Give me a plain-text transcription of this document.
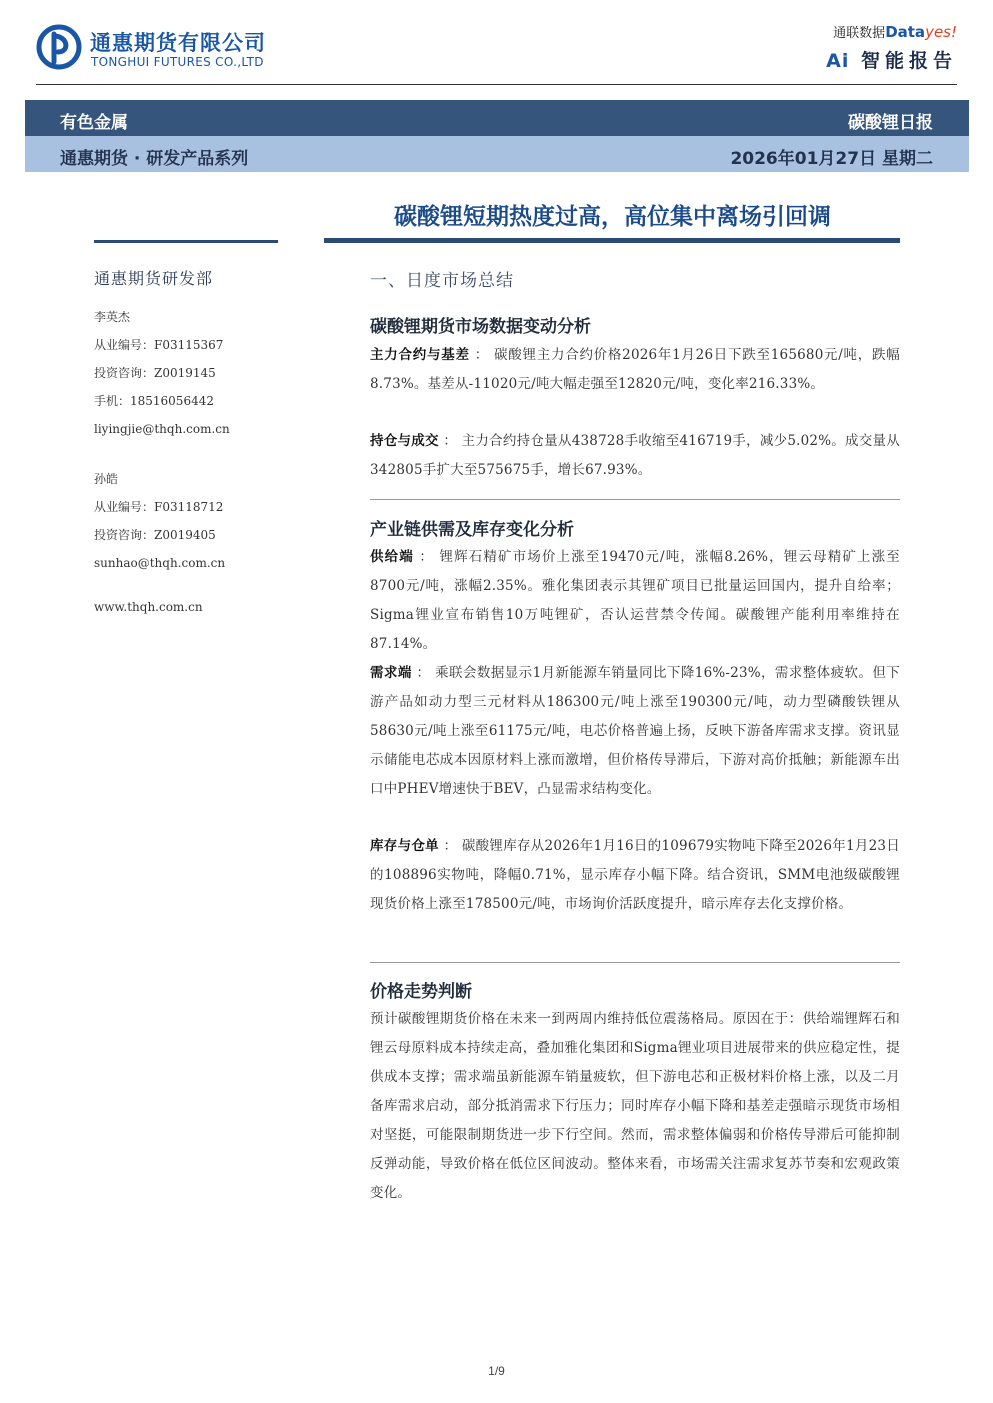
通惠期货有限公司
TONGHUI FUTURES CO.,LTD
通联数据Datayes!
Ai 智能报告
有色金属	碳酸锂日报
通惠期货 · 研发产品系列	2026年01月27日 星期二
碳酸锂短期热度过高，高位集中离场引回调
通惠期货研发部
李英杰
从业编号：F03115367
投资咨询：Z0019145
手机：18516056442
liyingjie@thqh.com.cn
孙皓
从业编号：F03118712
投资咨询：Z0019405
sunhao@thqh.com.cn
www.thqh.com.cn
一、日度市场总结
碳酸锂期货市场数据变动分析
主力合约与基差 ： 碳酸锂主力合约价格2026年1月26日下跌至165680元/吨，跌幅8.73%。基差从-11020元/吨大幅走强至12820元/吨，变化率216.33%。
持仓与成交 ： 主力合约持仓量从438728手收缩至416719手，减少5.02%。成交量从342805手扩大至575675手，增长67.93%。
产业链供需及库存变化分析
供给端 ： 锂辉石精矿市场价上涨至19470元/吨，涨幅8.26%，锂云母精矿上涨至8700元/吨，涨幅2.35%。雅化集团表示其锂矿项目已批量运回国内，提升自给率；Sigma锂业宣布销售10万吨锂矿，否认运营禁令传闻。碳酸锂产能利用率维持在87.14%。
需求端 ： 乘联会数据显示1月新能源车销量同比下降16%-23%，需求整体疲软。但下游产品如动力型三元材料从186300元/吨上涨至190300元/吨，动力型磷酸铁锂从58630元/吨上涨至61175元/吨，电芯价格普遍上扬，反映下游备库需求支撑。资讯显示储能电芯成本因原材料上涨而激增，但价格传导滞后，下游对高价抵触；新能源车出口中PHEV增速快于BEV，凸显需求结构变化。
库存与仓单 ： 碳酸锂库存从2026年1月16日的109679实物吨下降至2026年1月23日的108896实物吨，降幅0.71%，显示库存小幅下降。结合资讯，SMM电池级碳酸锂现货价格上涨至178500元/吨，市场询价活跃度提升，暗示库存去化支撑价格。
价格走势判断
预计碳酸锂期货价格在未来一到两周内维持低位震荡格局。原因在于：供给端锂辉石和锂云母原料成本持续走高，叠加雅化集团和Sigma锂业项目进展带来的供应稳定性，提供成本支撑；需求端虽新能源车销量疲软，但下游电芯和正极材料价格上涨，以及二月备库需求启动，部分抵消需求下行压力；同时库存小幅下降和基差走强暗示现货市场相对坚挺，可能限制期货进一步下行空间。然而，需求整体偏弱和价格传导滞后可能抑制反弹动能，导致价格在低位区间波动。整体来看，市场需关注需求复苏节奏和宏观政策变化。
1/9
